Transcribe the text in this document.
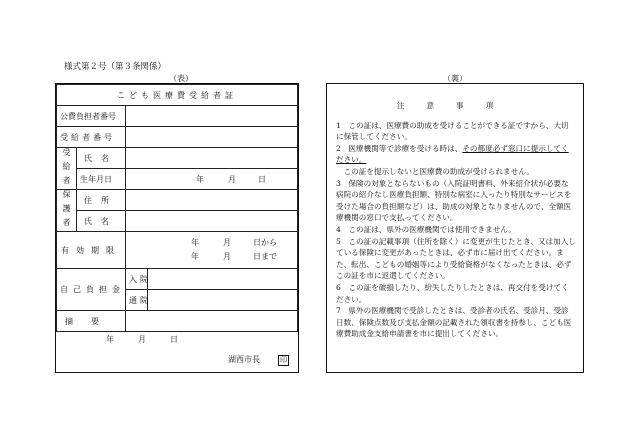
様式第２号（第３条関係）
（表）	（裏）
こども医療費受給者証			
公費負担者番号			
受給者番号			
受給者	氏名		
	生年月日	年 月 日	
保護者	住所		
	氏名		
有効期限		年 月 日から
年 月 日まで	

自己負担金		入院	
		通院	
摘要			
年	月	日
湖西市長	印
注意事項

1　この証は、医療費の助成を受けることができる証ですから、大切に保管してください。

2　医療機関等で診療を受ける時は、その都度必ず窓口に提示してください。

　この証を提示しないと医療費の助成が受けられません。

3　保険の対象とならないもの（入院証明書料、外来紹介状が必要な病院の紹介なし医療負担額、特別な病室に入ったり特別なサービスを受けた場合の負担額など）は、助成の対象となりませんので、全額医療機関の窓口で支払ってください。

4　この証は、県外の医療機関では使用できません。

5　この証の記載事項（住所を除く）に変更が生じたとき、又は加入している保険に変更があったときは、必ず市に届け出てください。また、転出、こどもの婚姻等により受給資格がなくなったときは、必ずこの証を市に返還してください。

6　この証を破損したり、紛失したりしたときは、再交付を受けてください。

7　県外の医療機関で受診したときは、受診者の氏名、受診月、受診日数、保険点数及び支払金額の記載された領収書を持参し、こども医療費助成金支給申請書を市に提出してください。
